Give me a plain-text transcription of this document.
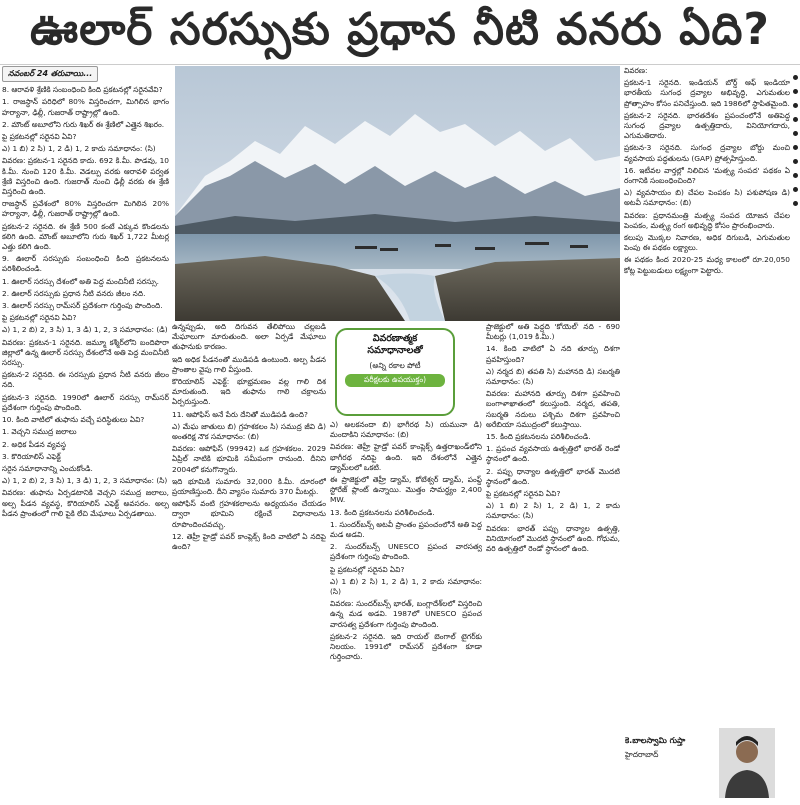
ఊలార్ సరస్సుకు ప్రధాన నీటి వనరు ఏది?
నవంబర్ 24 తరువాయి...

8. ఆరావళి శ్రేణికి సంబంధించి కింది ప్రకటనల్లో సరైనవేవి?

1. రాజస్థాన్ పరిధిలో 80% విస్తరించగా, మిగిలిన భాగం హర్యానా, ఢిల్లీ, గుజరాత్ రాష్ట్రాల్లో ఉంది.

2. మౌంట్ అబూలోని గురు శిఖర్ ఈ శ్రేణిలో ఎత్తైన శిఖరం.

పై ప్రకటనల్లో సరైనవి ఏవి?

ఎ) 1 బి) 2 సి) 1, 2 డి) 1, 2 కాదు సమాధానం: (సి)

వివరణ: ప్రకటన-1 సరైనది కాదు. 692 కి.మీ. పొడవు, 10 కి.మీ. నుంచి 120 కి.మీ. వెడల్పు వరకు ఆరావళి పర్వత శ్రేణి విస్తరించి ఉంది. గుజరాత్ నుంచి ఢిల్లీ వరకు ఈ శ్రేణి విస్తరించి ఉంది.

రాజస్థాన్ ప్రవేశంలో 80% విస్తరించగా మిగిలిన 20% హర్యానా, ఢిల్లీ, గుజరాత్ రాష్ట్రాల్లో ఉంది.

ప్రకటన-2 సరైనది. ఈ శ్రేణి 500 కంటే ఎక్కువ కొండలను కలిగి ఉంది. మౌంట్ అబూలోని గురు శిఖర్ 1,722 మీటర్ల ఎత్తు కలిగి ఉంది.

9. ఊలార్ సరస్సుకు సంబంధించి కింది ప్రకటనలను పరిశీలించండి.

1. ఊలార్ సరస్సు దేశంలో అతి పెద్ద మంచినీటి సరస్సు.

2. ఊలార్ సరస్సుకు ప్రధాన నీటి వనరు జీలం నది.

3. ఊలార్ సరస్సు రామ్‌సర్ ప్రదేశంగా గుర్తింపు పొందింది.

పై ప్రకటనల్లో సరైనవి ఏవి?

ఎ) 1, 2 బి) 2, 3 సి) 1, 3 డి) 1, 2, 3 సమాధానం: (డి)

వివరణ: ప్రకటన-1 సరైనది. జమ్మూ కశ్మీర్‌లోని బందిపొరా జిల్లాలో ఉన్న ఊలార్ సరస్సు దేశంలోనే అతి పెద్ద మంచినీటి సరస్సు.

ప్రకటన-2 సరైనది. ఈ సరస్సుకు ప్రధాన నీటి వనరు జీలం నది.

ప్రకటన-3 సరైనది. 1990లో ఊలార్ సరస్సు రామ్‌సర్ ప్రదేశంగా గుర్తింపు పొందింది.

10. కింది వాటిలో తుఫాను వచ్చే పరిస్థితులు ఏవి?

1. వెచ్చని సముద్ర జలాలు

2. అధిక పీడన వ్యవస్థ

3. కొరియాలిస్ ఎఫెక్ట్

సరైన సమాధానాన్ని ఎంచుకోండి.

ఎ) 1, 2 బి) 2, 3 సి) 1, 3 డి) 1, 2, 3 సమాధానం: (సి)

వివరణ: తుఫాను ఏర్పడటానికి వెచ్చని సముద్ర జలాలు, అల్ప పీడన వ్యవస్థ, కొరియాలిస్ ఎఫెక్ట్ అవసరం. అల్ప పీడన ప్రాంతంలో గాలి పైకి లేచి మేఘాలు ఏర్పడతాయి.

వివరణాత్మక
సమాధానాలతో
(అన్ని రకాల పోటీ
పరీక్షలకు ఉపయుక్తం)

ఉన్నప్పుడు, అది దిగువన తేలిపోయి చల్లబడి మేఘాలుగా మారుతుంది. అలా ఏర్పడే మేఘాలు తుఫానుకు కారణం.

ఇది అధిక పీడనంతో ముడిపడి ఉంటుంది. అల్ప పీడన ప్రాంతాల వైపు గాలి వీస్తుంది.

కొరియాలిస్ ఎఫెక్ట్: భూభ్రమణం వల్ల గాలి దిశ మారుతుంది. ఇది తుఫాను గాలి చక్రాలను ఏర్పరుస్తుంది.

11. ఆపోఫిస్ అనే పేరు దేనితో ముడిపడి ఉంది?

ఎ) మేఘ జాతులు బి) గ్రహశకలం సి) సముద్ర జీవి డి) అంతరిక్ష నౌక సమాధానం: (బి)

వివరణ: ఆపోఫిస్ (99942) ఒక గ్రహశకలం. 2029 ఏప్రిల్ నాటికి భూమికి సమీపంగా రానుంది. దీనిని 2004లో కనుగొన్నారు.

ఇది భూమికి సుమారు 32,000 కి.మీ. దూరంలో ప్రయాణిస్తుంది. దీని వ్యాసం సుమారు 370 మీటర్లు.

ఆపోఫిస్ వంటి గ్రహశకలాలను అధ్యయనం చేయడం ద్వారా భూమిని రక్షించే విధానాలను రూపొందించవచ్చు.

12. తెహ్రీ హైడ్రో పవర్ కాంప్లెక్స్ కింది వాటిలో ఏ నదిపై ఉంది?

ఎ) అలకనందా బి) భాగీరథ సి) యమునా డి) మందాకిని సమాధానం: (బి)

వివరణ: తెహ్రీ హైడ్రో పవర్ కాంప్లెక్స్ ఉత్తరాఖండ్‌లోని భాగీరథ నదిపై ఉంది. ఇది దేశంలోనే ఎత్తైన డ్యామ్‌లలో ఒకటి.

ఈ ప్రాజెక్టులో తెహ్రీ డ్యామ్, కోటేశ్వర్ డ్యామ్, పంప్డ్ స్టోరేజ్ ప్లాంట్ ఉన్నాయి. మొత్తం సామర్థ్యం 2,400 MW.

13. కింది ప్రకటనలను పరిశీలించండి.

1. సుందర్‌బన్స్ అటవీ ప్రాంతం ప్రపంచంలోనే అతి పెద్ద మడ అడవి.

2. సుందర్‌బన్స్ UNESCO ప్రపంచ వారసత్వ ప్రదేశంగా గుర్తింపు పొందింది.

పై ప్రకటనల్లో సరైనవి ఏవి?

ఎ) 1 బి) 2 సి) 1, 2 డి) 1, 2 కాదు సమాధానం: (సి)

వివరణ: సుందర్‌బన్స్ భారత్, బంగ్లాదేశ్‌లలో విస్తరించి ఉన్న మడ అడవి. 1987లో UNESCO ప్రపంచ వారసత్వ ప్రదేశంగా గుర్తింపు పొందింది.

ప్రకటన-2 సరైనది. ఇది రాయల్ బెంగాల్ టైగర్‌కు నిలయం. 1991లో రామ్‌సర్ ప్రదేశంగా కూడా గుర్తించారు.

ప్రాజెక్టులో అతి పెద్దది 'కోయెల్‌' నది - 690 మీటర్లు (1,019 కి.మీ.)

14. కింది వాటిలో ఏ నది తూర్పు దిశగా ప్రవహిస్తుంది?

ఎ) నర్మద బి) తపతి సి) మహానది డి) సబర్మతి సమాధానం: (సి)

వివరణ: మహానది తూర్పు దిశగా ప్రవహించి బంగాళాఖాతంలో కలుస్తుంది. నర్మద, తపతి, సబర్మతి నదులు పశ్చిమ దిశగా ప్రవహించి అరేబియా సముద్రంలో కలుస్తాయి.

15. కింది ప్రకటనలను పరిశీలించండి.

1. ప్రపంచ వ్యవసాయ ఉత్పత్తిలో భారత్ రెండో స్థానంలో ఉంది.

2. పప్పు ధాన్యాల ఉత్పత్తిలో భారత్ మొదటి స్థానంలో ఉంది.

పై ప్రకటనల్లో సరైనవి ఏవి?

ఎ) 1 బి) 2 సి) 1, 2 డి) 1, 2 కాదు సమాధానం: (సి)

వివరణ: భారత్ పప్పు ధాన్యాల ఉత్పత్తి, వినియోగంలో మొదటి స్థానంలో ఉంది. గోధుమ, వరి ఉత్పత్తిలో రెండో స్థానంలో ఉంది.

వివరణ:

ప్రకటన-1 సరైనది. ఇండియన్ బోర్డ్ ఆఫ్ ఇండియా భారతీయ సుగంధ ద్రవ్యాల అభివృద్ధి, ఎగుమతుల ప్రోత్సాహం కోసం పనిచేస్తుంది. ఇది 1986లో స్థాపితమైంది.

ప్రకటన-2 సరైనది. భారతదేశం ప్రపంచంలోనే అతిపెద్ద సుగంధ ద్రవ్యాల ఉత్పత్తిదారు, వినియోగదారు, ఎగుమతిదారు.

ప్రకటన-3 సరైనది. సుగంధ ద్రవ్యాల బోర్డు మంచి వ్యవసాయ పద్ధతులను (GAP) ప్రోత్సహిస్తుంది.

16. ఇటీవల వార్తల్లో నిలిచిన 'మత్స్య సంపద' పథకం ఏ రంగానికి సంబంధించింది?

ఎ) వ్యవసాయం బి) చేపల పెంపకం సి) పశుపోషణ డి) అటవీ సమాధానం: (బి)

వివరణ: ప్రధానమంత్రి మత్స్య సంపద యోజన చేపల పెంపకం, మత్స్య రంగ అభివృద్ధి కోసం ప్రారంభించారు.

కలుపు మొక్కల నివారణ, అధిక దిగుబడి, ఎగుమతుల పెంపు ఈ పథకం లక్ష్యాలు.

ఈ పథకం కింద 2020-25 మధ్య కాలంలో రూ.20,050 కోట్ల పెట్టుబడులు లక్ష్యంగా పెట్టారు.

కె.బాలస్వామి గుప్తా
హైదరాబాద్
